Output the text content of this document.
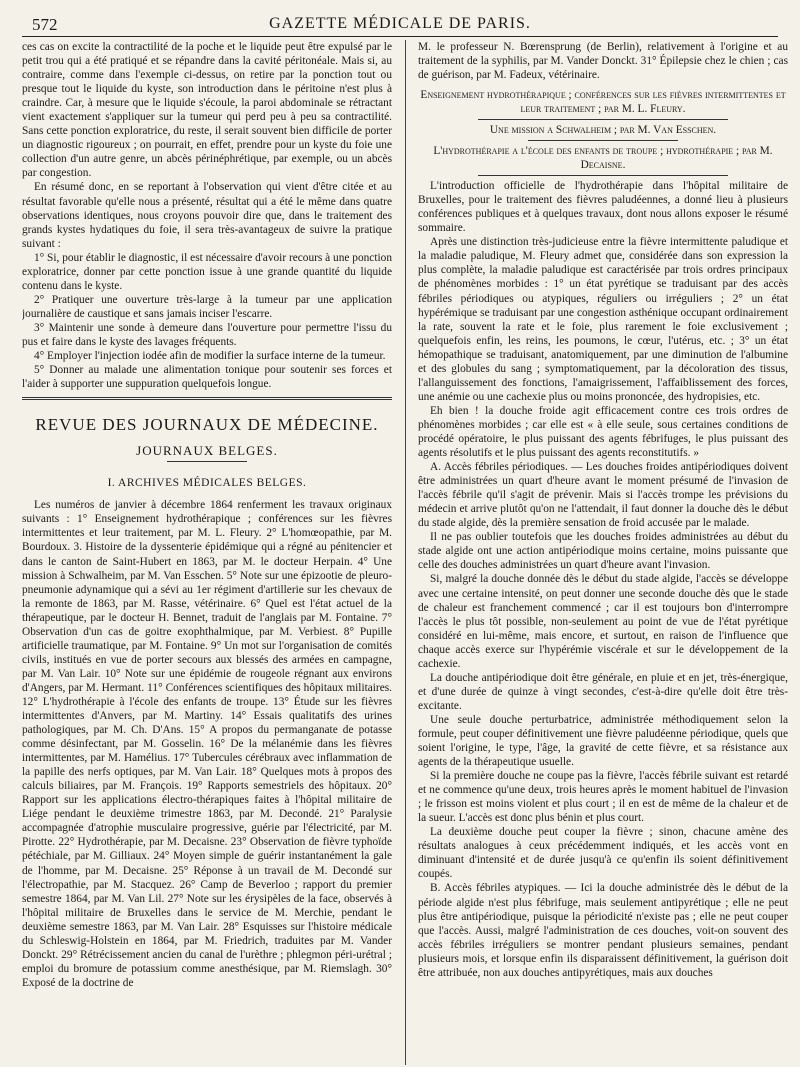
572	GAZETTE MÉDICALE DE PARIS.

ces cas on excite la contractilité de la poche et le liquide peut être expulsé par le petit trou qui a été pratiqué et se répandre dans la cavité péritonéale. Mais si, au contraire, comme dans l'exemple ci-dessus, on retire par la ponction tout ou presque tout le liquide du kyste, son introduction dans le péritoine n'est plus à craindre. Car, à mesure que le liquide s'écoule, la paroi abdominale se rétractant vient exactement s'appliquer sur la tumeur qui perd peu à peu sa contractilité. Sans cette ponction exploratrice, du reste, il serait souvent bien difficile de porter un diagnostic rigoureux ; on pourrait, en effet, prendre pour un kyste du foie une collection d'un autre genre, un abcès périnéphrétique, par exemple, ou un abcès par congestion.

En résumé donc, en se reportant à l'observation qui vient d'être citée et au résultat favorable qu'elle nous a présenté, résultat qui a été le même dans quatre observations identiques, nous croyons pouvoir dire que, dans le traitement des grands kystes hydatiques du foie, il sera très-avantageux de suivre la pratique suivant :

1° Si, pour établir le diagnostic, il est nécessaire d'avoir recours à une ponction exploratrice, donner par cette ponction issue à une grande quantité du liquide contenu dans le kyste.

2° Pratiquer une ouverture très-large à la tumeur par une application journalière de caustique et sans jamais inciser l'escarre.

3° Maintenir une sonde à demeure dans l'ouverture pour permettre l'issu du pus et faire dans le kyste des lavages fréquents.

4° Employer l'injection iodée afin de modifier la surface interne de la tumeur.

5° Donner au malade une alimentation tonique pour soutenir ses forces et l'aider à supporter une suppuration quelquefois longue.

REVUE DES JOURNAUX DE MÉDECINE.
JOURNAUX BELGES.
I. ARCHIVES MÉDICALES BELGES.

Les numéros de janvier à décembre 1864 renferment les travaux originaux suivants : 1° Enseignement hydrothérapique ; conférences sur les fièvres intermittentes et leur traitement, par M. L. Fleury. 2° L'homœopathie, par M. Bourdoux. 3. Histoire de la dyssenterie épidémique qui a régné au pénitencier et dans le canton de Saint-Hubert en 1863, par M. le docteur Herpain. 4° Une mission à Schwalheim, par M. Van Esschen. 5° Note sur une épizootie de pleuro-pneumonie adynamique qui a sévi au 1er régiment d'artillerie sur les chevaux de la remonte de 1863, par M. Rasse, vétérinaire. 6° Quel est l'état actuel de la thérapeutique, par le docteur H. Bennet, traduit de l'anglais par M. Fontaine. 7° Observation d'un cas de goitre exophthalmique, par M. Verbiest. 8° Pupille artificielle traumatique, par M. Fontaine. 9° Un mot sur l'organisation de comités civils, institués en vue de porter secours aux blessés des armées en campagne, par M. Van Lair. 10° Note sur une épidémie de rougeole régnant aux environs d'Angers, par M. Hermant. 11° Conférences scientifiques des hôpitaux militaires. 12° L'hydrothérapie à l'école des enfants de troupe. 13° Étude sur les fièvres intermittentes d'Anvers, par M. Martiny. 14° Essais qualitatifs des urines pathologiques, par M. Ch. D'Ans. 15° A propos du permanganate de potasse comme désinfectant, par M. Gosselin. 16° De la mélanémie dans les fièvres intermittentes, par M. Hamélius. 17° Tubercules cérébraux avec inflammation de la papille des nerfs optiques, par M. Van Lair. 18° Quelques mots à propos des calculs biliaires, par M. François. 19° Rapports semestriels des hôpitaux. 20° Rapport sur les applications électro-thérapiques faites à l'hôpital militaire de Liége pendant le deuxième trimestre 1863, par M. Decondé. 21° Paralysie accompagnée d'atrophie musculaire progressive, guérie par l'électricité, par M. Pirotte. 22° Hydrothérapie, par M. Decaisne. 23° Observation de fièvre typhoïde pétéchiale, par M. Gilliaux. 24° Moyen simple de guérir instantanément la gale de l'homme, par M. Decaisne. 25° Réponse à un travail de M. Decondé sur l'électropathie, par M. Stacquez. 26° Camp de Beverloo ; rapport du premier semestre 1864, par M. Van Lil. 27° Note sur les érysipèles de la face, observés à l'hôpital militaire de Bruxelles dans le service de M. Merchie, pendant le deuxième semestre 1863, par M. Van Lair. 28° Esquisses sur l'histoire médicale du Schleswig-Holstein en 1864, par M. Friedrich, traduites par M. Vander Donckt. 29° Rétrécissement ancien du canal de l'urèthre ; phlegmon péri-urétral ; emploi du bromure de potassium comme anesthésique, par M. Riemslagh. 30° Exposé de la doctrine de

M. le professeur N. Bœrensprung (de Berlin), relativement à l'origine et au traitement de la syphilis, par M. Vander Donckt. 31° Épilepsie chez le chien ; cas de guérison, par M. Fadeux, vétérinaire.

Enseignement hydrothérapique ; conférences sur les fièvres intermittentes et leur traitement ; par M. L. Fleury.
Une mission a Schwalheim ; par M. Van Esschen.
L'hydrothérapie a l'école des enfants de troupe ; hydrothérapie ; par M. Decaisne.

L'introduction officielle de l'hydrothérapie dans l'hôpital militaire de Bruxelles, pour le traitement des fièvres paludéennes, a donné lieu à plusieurs conférences publiques et à quelques travaux, dont nous allons exposer le résumé sommaire.

Après une distinction très-judicieuse entre la fièvre intermittente paludique et la maladie paludique, M. Fleury admet que, considérée dans son expression la plus complète, la maladie paludique est caractérisée par trois ordres principaux de phénomènes morbides : 1° un état pyrétique se traduisant par des accès fébriles périodiques ou atypiques, réguliers ou irréguliers ; 2° un état hypérémique se traduisant par une congestion asthénique occupant ordinairement la rate, souvent la rate et le foie, plus rarement le foie exclusivement ; quelquefois enfin, les reins, les poumons, le cœur, l'utérus, etc. ; 3° un état hémopathique se traduisant, anatomiquement, par une diminution de l'albumine et des globules du sang ; symptomatiquement, par la décoloration des tissus, l'allanguissement des fonctions, l'amaigrissement, l'affaiblissement des forces, une anémie ou une cachexie plus ou moins prononcée, des hydropisies, etc.

Eh bien ! la douche froide agit efficacement contre ces trois ordres de phénomènes morbides ; car elle est « à elle seule, sous certaines conditions de procédé opératoire, le plus puissant des agents fébrifuges, le plus puissant des agents résolutifs et le plus puissant des agents reconstitutifs. »

A. Accès fébriles périodiques. — Les douches froides antipériodiques doivent être administrées un quart d'heure avant le moment présumé de l'invasion de l'accès fébrile qu'il s'agit de prévenir. Mais si l'accès trompe les prévisions du médecin et arrive plutôt qu'on ne l'attendait, il faut donner la douche dès le début du stade algide, dès la première sensation de froid accusée par le malade.

Il ne pas oublier toutefois que les douches froides administrées au début du stade algide ont une action antipériodique moins certaine, moins puissante que celle des douches administrées un quart d'heure avant l'invasion.

Si, malgré la douche donnée dès le début du stade algide, l'accès se développe avec une certaine intensité, on peut donner une seconde douche dès que le stade de chaleur est franchement commencé ; car il est toujours bon d'interrompre l'accès le plus tôt possible, non-seulement au point de vue de l'état pyrétique considéré en lui-même, mais encore, et surtout, en raison de l'influence que chaque accès exerce sur l'hypérémie viscérale et sur le développement de la cachexie.

La douche antipériodique doit être générale, en pluie et en jet, très-énergique, et d'une durée de quinze à vingt secondes, c'est-à-dire qu'elle doit être très-excitante.

Une seule douche perturbatrice, administrée méthodiquement selon la formule, peut couper définitivement une fièvre paludéenne périodique, quels que soient l'origine, le type, l'âge, la gravité de cette fièvre, et sa résistance aux agents de la thérapeutique usuelle.

Si la première douche ne coupe pas la fièvre, l'accès fébrile suivant est retardé et ne commence qu'une deux, trois heures après le moment habituel de l'invasion ; le frisson est moins violent et plus court ; il en est de même de la chaleur et de la sueur. L'accès est donc plus bénin et plus court.

La deuxième douche peut couper la fièvre ; sinon, chacune amène des résultats analogues à ceux précédemment indiqués, et les accès vont en diminuant d'intensité et de durée jusqu'à ce qu'enfin ils soient définitivement coupés.

B. Accès fébriles atypiques. — Ici la douche administrée dès le début de la période algide n'est plus fébrifuge, mais seulement antipyrétique ; elle ne peut plus être antipériodique, puisque la périodicité n'existe pas ; elle ne peut couper que l'accès. Aussi, malgré l'administration de ces douches, voit-on souvent des accès fébriles irréguliers se montrer pendant plusieurs semaines, pendant plusieurs mois, et lorsque enfin ils disparaissent définitivement, la guérison doit être attribuée, non aux douches antipyrétiques, mais aux douches
